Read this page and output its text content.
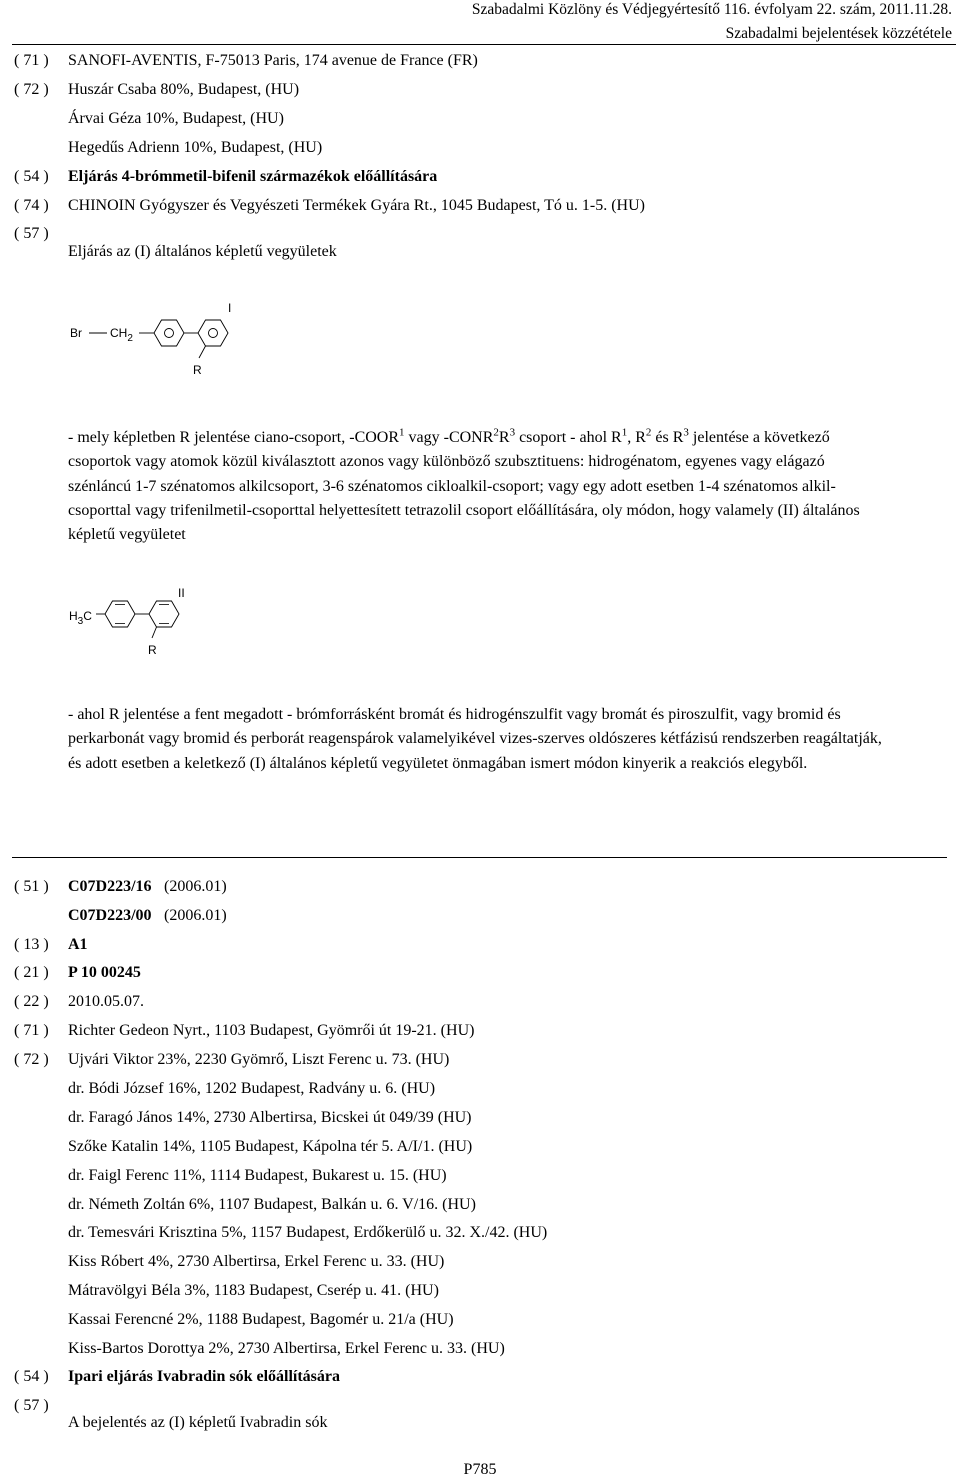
Szabadalmi Közlöny és Védjegyértesítő 116. évfolyam 22. szám, 2011.11.28.
Szabadalmi bejelentések közzététele
( 71 ) SANOFI-AVENTIS, F-75013 Paris, 174 avenue de France (FR)
( 72 ) Huszár Csaba 80%, Budapest, (HU)
Árvai Géza 10%, Budapest, (HU)
Hegedűs Adrienn 10%, Budapest, (HU)
( 54 ) Eljárás 4-brómmetil-bifenil származékok előállítására
( 74 ) CHINOIN Gyógyszer és Vegyészeti Termékek Gyára Rt., 1045 Budapest, Tó u. 1-5. (HU)
( 57 )
Eljárás az (I) általános képletű vegyületek
I
Br $CH_2$
R
- mely képletben R jelentése ciano-csoport, -COOR$^1$ vagy $-CONR^2R^3$ csoport - ahol $R^1$, $R^2$ és $R^3$ jelentése a következő csoportok vagy atomok közül kiválasztott azonos vagy különböző szubsztituens: hidrogénatom, egyenes vagy elágazó szénláncú 1-7 szénatomos alkilcsoport, 3-6 szénatomos cikloalkil-csoport; vagy egy adott esetben 1-4 szénatomos alkil-csoporttal vagy trifenilmetil-csoporttal helyettesített tetrazolil csoport előállítására, oly módon, hogy valamely (II) általános képletű vegyületet
II
$H_3C$
R
- ahol R jelentése a fent megadott - brómforrásként bromát és hidrogénszulfit vagy bromát és piroszulfit, vagy bromid és perkarbonát vagy bromid és perborát reagenspárok valamelyikével vizes-szerves oldószeres kétfázisú rendszerben reagáltatják, és adott esetben a keletkező (I) általános képletű vegyületet önmagában ismert módon kinyerik a reakciós elegyből.
( 51 ) C07D223/16 (2006.01)
C07D223/00 (2006.01)
( 13 ) A1
( 21 ) P 10 00245
( 22 ) 2010.05.07.
( 71 ) Richter Gedeon Nyrt., 1103 Budapest, Gyömrői út 19-21. (HU)
( 72 ) Ujvári Viktor 23%, 2230 Gyömrő, Liszt Ferenc u. 73. (HU)
dr. Bódi József 16%, 1202 Budapest, Radvány u. 6. (HU)
dr. Faragó János 14%, 2730 Albertirsa, Bicskei út 049/39 (HU)
Szőke Katalin 14%, 1105 Budapest, Kápolna tér 5. A/I/1. (HU)
dr. Faigl Ferenc 11%, 1114 Budapest, Bukarest u. 15. (HU)
dr. Németh Zoltán 6%, 1107 Budapest, Balkán u. 6. V/16. (HU)
dr. Temesvári Krisztina 5%, 1157 Budapest, Erdőkerülő u. 32. X./42. (HU)
Kiss Róbert 4%, 2730 Albertirsa, Erkel Ferenc u. 33. (HU)
Mátravölgyi Béla 3%, 1183 Budapest, Cserép u. 41. (HU)
Kassai Ferencné 2%, 1188 Budapest, Bagomér u. 21/a (HU)
Kiss-Bartos Dorottya 2%, 2730 Albertirsa, Erkel Ferenc u. 33. (HU)
( 54 ) Ipari eljárás Ivabradin sók előállítására
( 57 )
A bejelentés az (I) képletű Ivabradin sók
P785
